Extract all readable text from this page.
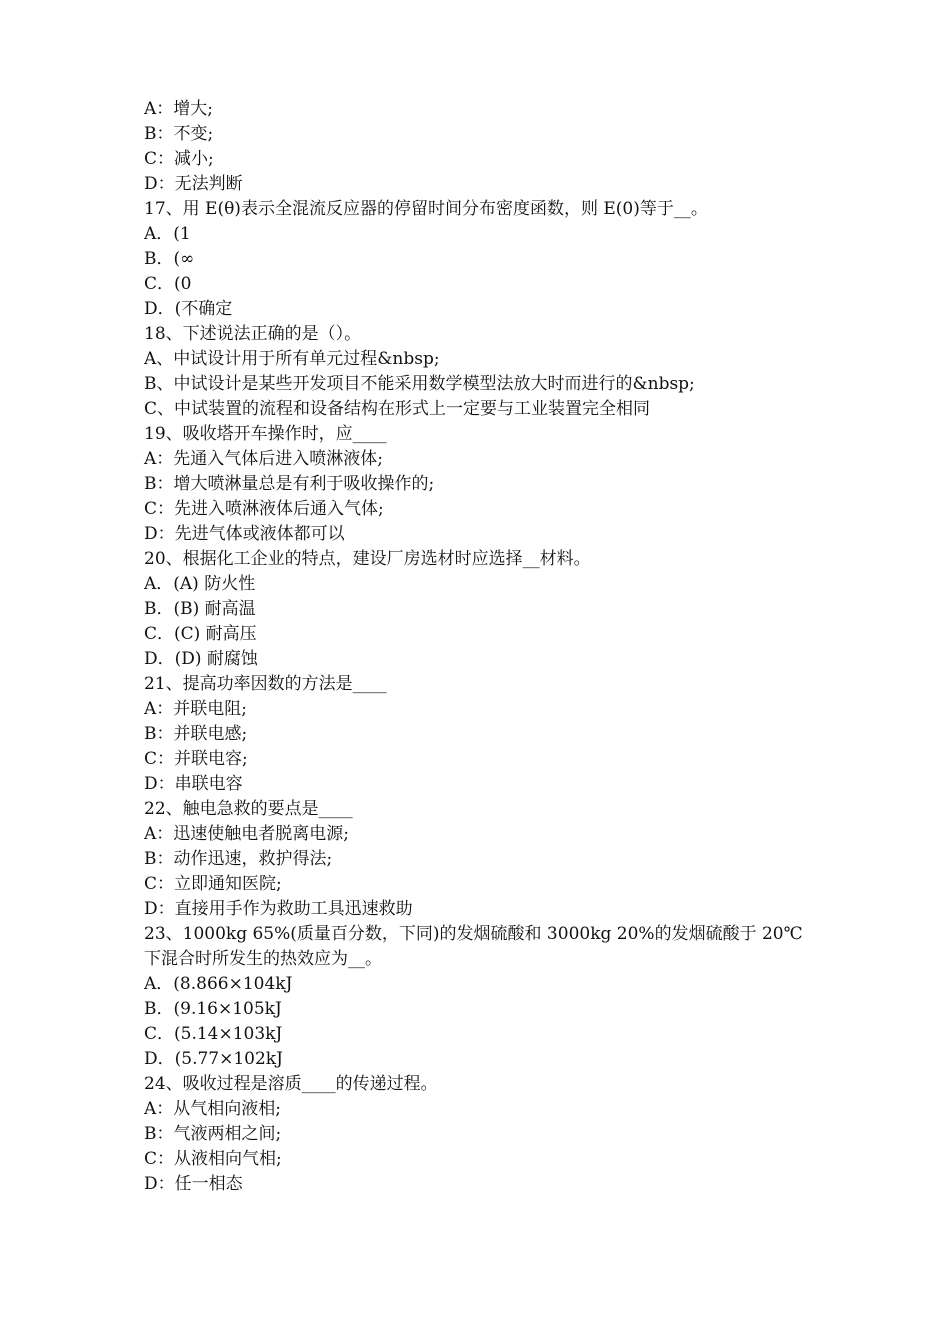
A：增大;
B：不变;
C：减小;
D：无法判断
17、用 E(θ)表示全混流反应器的停留时间分布密度函数，则 E(0)等于__。
A．(1
B．(∞
C．(0
D．(不确定
18、下述说法正确的是（）。
A、中试设计用于所有单元过程&nbsp;
B、中试设计是某些开发项目不能采用数学模型法放大时而进行的&nbsp;
C、中试装置的流程和设备结构在形式上一定要与工业装置完全相同
19、吸收塔开车操作时，应____
A：先通入气体后进入喷淋液体;
B：增大喷淋量总是有利于吸收操作的;
C：先进入喷淋液体后通入气体;
D：先进气体或液体都可以
20、根据化工企业的特点，建设厂房选材时应选择__材料。
A．(A) 防火性
B．(B) 耐高温
C．(C) 耐高压
D．(D) 耐腐蚀
21、提高功率因数的方法是____
A：并联电阻;
B：并联电感;
C：并联电容;
D：串联电容
22、触电急救的要点是____
A：迅速使触电者脱离电源;
B：动作迅速，救护得法;
C：立即通知医院;
D：直接用手作为救助工具迅速救助
23、1000kg 65%(质量百分数，下同)的发烟硫酸和 3000kg 20%的发烟硫酸于 20℃
下混合时所发生的热效应为__。
A．(8.866×104kJ
B．(9.16×105kJ
C．(5.14×103kJ
D．(5.77×102kJ
24、吸收过程是溶质____的传递过程。
A：从气相向液相;
B：气液两相之间;
C：从液相向气相;
D：任一相态
